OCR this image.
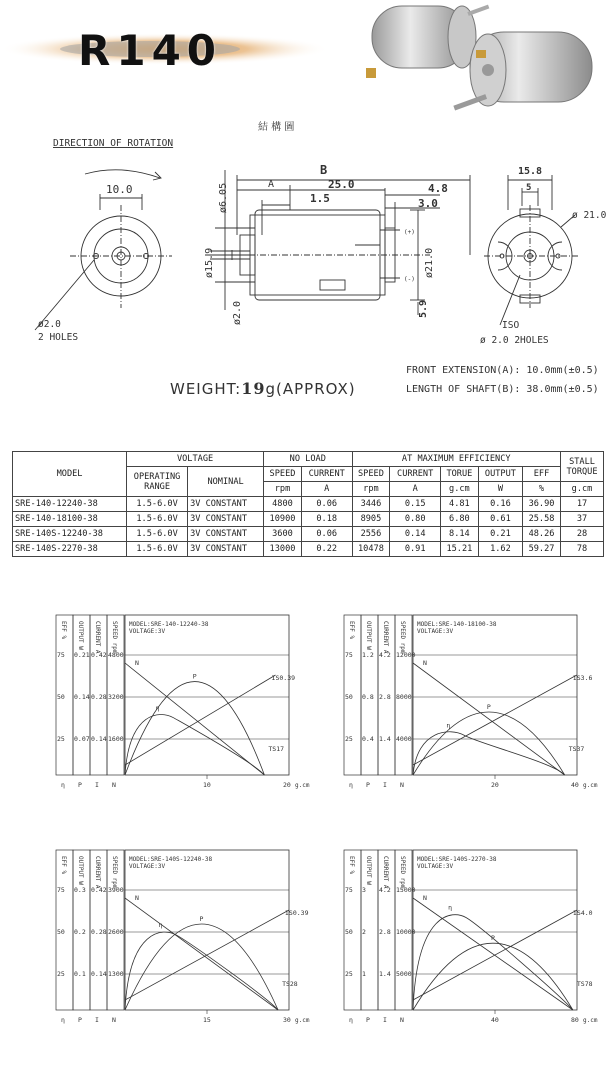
R140
結 構 圖
DIRECTION OF ROTATION
10.0
ø2.0
2 HOLES
B
A	25.0
1.5
4.8
3.0
ø6.05
ø15.9
ø2.0
ø21.0
(+)
(-)
5.9
15.8
5
ø 21.0
ISO
ø 2.0 2HOLES
FRONT EXTENSION(A): 10.0mm(±0.5)
LENGTH OF SHAFT(B): 38.0mm(±0.5)
WEIGHT:19g(APPROX)
MODEL	VOLTAGE		NO LOAD		AT MAXIMUM EFFICIENCY					STALL TORQUE
	OPERATING RANGE	NOMINAL	SPEED	CURRENT	SPEED	CURRENT	TORUE	OUTPUT	EFF	
			rpm	A	rpm	A	g.cm	W	%	g.cm
SRE-140-12240-38	1.5-6.0V	3V CONSTANT	4800	0.06	3446	0.15	4.81	0.16	36.90	17
SRE-140-18100-38	1.5-6.0V	3V CONSTANT	10900	0.18	8905	0.80	6.80	0.61	25.58	37
SRE-140S-12240-38	1.5-6.0V	3V CONSTANT	3600	0.06	2556	0.14	8.14	0.21	48.26	28
SRE-140S-2270-38	1.5-6.0V	3V CONSTANT	13000	0.22	10478	0.91	15.21	1.62	59.27	78
EFF %
η
OUTPUT W
P
CURRENT A
I
SPEED rpm
N
75 0.21 0.42 4800
50 0.14 0.28 3200
25 0.07 0.14 1600
10	20 g.cm
MODEL:SRE-140-12240-38
VOLTAGE:3V
N
IS0.39
P
η
TS17
EFF %
η
OUTPUT W
P
CURRENT A
I
SPEED rpm
N
75 1.2 4.2 12000
50 0.8 2.8 8000
25 0.4 1.4 4000
20	40 g.cm
MODEL:SRE-140-18100-38
VOLTAGE:3V
N
IS3.6
P
η
TS37
EFF %
η
OUTPUT W
P
CURRENT A
I
SPEED rpm
N
75 0.3 0.42 3900
50 0.2 0.28 2600
25 0.1 0.14 1300
15	30 g.cm
MODEL:SRE-140S-12240-38
VOLTAGE:3V
N
IS0.39
P
η
TS28
EFF %
η
OUTPUT W
P
CURRENT A
I
SPEED rpm
N
75 3 4.2 15000
50 2 2.8 10000
25 1 1.4 5000
40	80 g.cm
MODEL:SRE-140S-2270-38
VOLTAGE:3V
N
IS4.0
P
η
TS78
